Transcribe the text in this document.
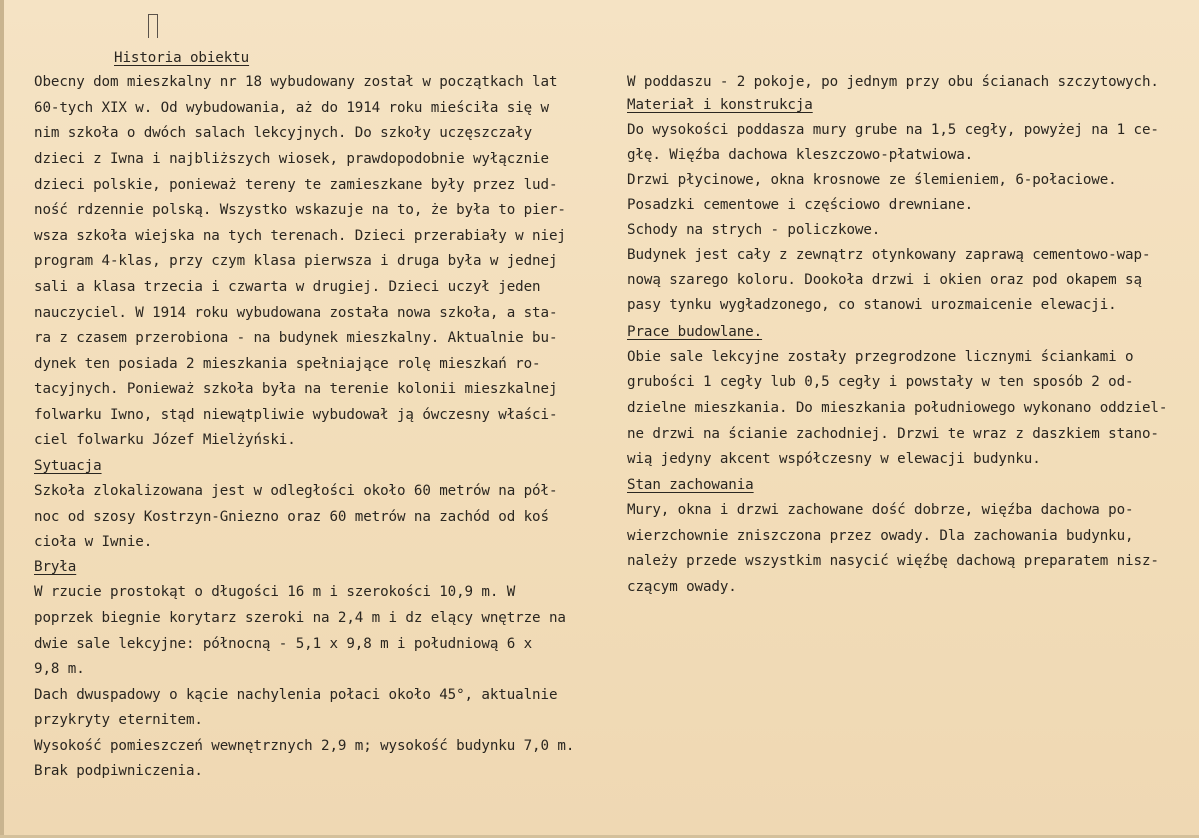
Historia obiektu
Obecny dom mieszkalny nr 18 wybudowany został w początkach lat
60-tych XIX w. Od wybudowania, aż do 1914 roku mieściła się w
nim szkoła o dwóch salach lekcyjnych. Do szkoły uczęszczały
dzieci z Iwna i najbliższych wiosek, prawdopodobnie wyłącznie
dzieci polskie, ponieważ tereny te zamieszkane były przez lud-
ność rdzennie polską. Wszystko wskazuje na to, że była to pier-
wsza szkoła wiejska na tych terenach. Dzieci przerabiały w niej
program 4-klas, przy czym klasa pierwsza i druga była w jednej
sali a klasa trzecia i czwarta w drugiej. Dzieci uczył jeden
nauczyciel. W 1914 roku wybudowana została nowa szkoła, a sta-
ra z czasem przerobiona - na budynek mieszkalny. Aktualnie bu-
dynek ten posiada 2 mieszkania spełniające rolę mieszkań ro-
tacyjnych. Ponieważ szkoła była na terenie kolonii mieszkalnej
folwarku Iwno, stąd niewątpliwie wybudował ją ówczesny właści-
ciel folwarku Józef Mielżyński.
Sytuacja
Szkoła zlokalizowana jest w odległości około 60 metrów na pół-
noc od szosy Kostrzyn-Gniezno oraz 60 metrów na zachód od koś
cioła w Iwnie.
Bryła
W rzucie prostokąt o długości 16 m i szerokości 10,9 m. W
poprzek biegnie korytarz szeroki na 2,4 m i dz elący wnętrze na
dwie sale lekcyjne: północną - 5,1 x 9,8 m i południową 6 x
9,8 m.
Dach dwuspadowy o kącie nachylenia połaci około 45°, aktualnie
przykryty eternitem.
Wysokość pomieszczeń wewnętrznych 2,9 m; wysokość budynku 7,0 m.
Brak podpiwniczenia.
W poddaszu - 2 pokoje, po jednym przy obu ścianach szczytowych.
Materiał i konstrukcja
Do wysokości poddasza mury grube na 1,5 cegły, powyżej na 1 ce-
głę. Więźba dachowa kleszczowo-płatwiowa.
Drzwi płycinowe, okna krosnowe ze ślemieniem, 6-połaciowe.
Posadzki cementowe i częściowo drewniane.
Schody na strych - policzkowe.
Budynek jest cały z zewnątrz otynkowany zaprawą cementowo-wap-
nową szarego koloru. Dookoła drzwi i okien oraz pod okapem są
pasy tynku wygładzonego, co stanowi urozmaicenie elewacji.
Prace budowlane.
Obie sale lekcyjne zostały przegrodzone licznymi ściankami o
grubości 1 cegły lub 0,5 cegły i powstały w ten sposób 2 od-
dzielne mieszkania. Do mieszkania południowego wykonano oddziel-
ne drzwi na ścianie zachodniej. Drzwi te wraz z daszkiem stano-
wią jedyny akcent współczesny w elewacji budynku.
Stan zachowania
Mury, okna i drzwi zachowane dość dobrze, więźba dachowa po-
wierzchownie zniszczona przez owady. Dla zachowania budynku,
należy przede wszystkim nasycić więźbę dachową preparatem nisz-
czącym owady.
